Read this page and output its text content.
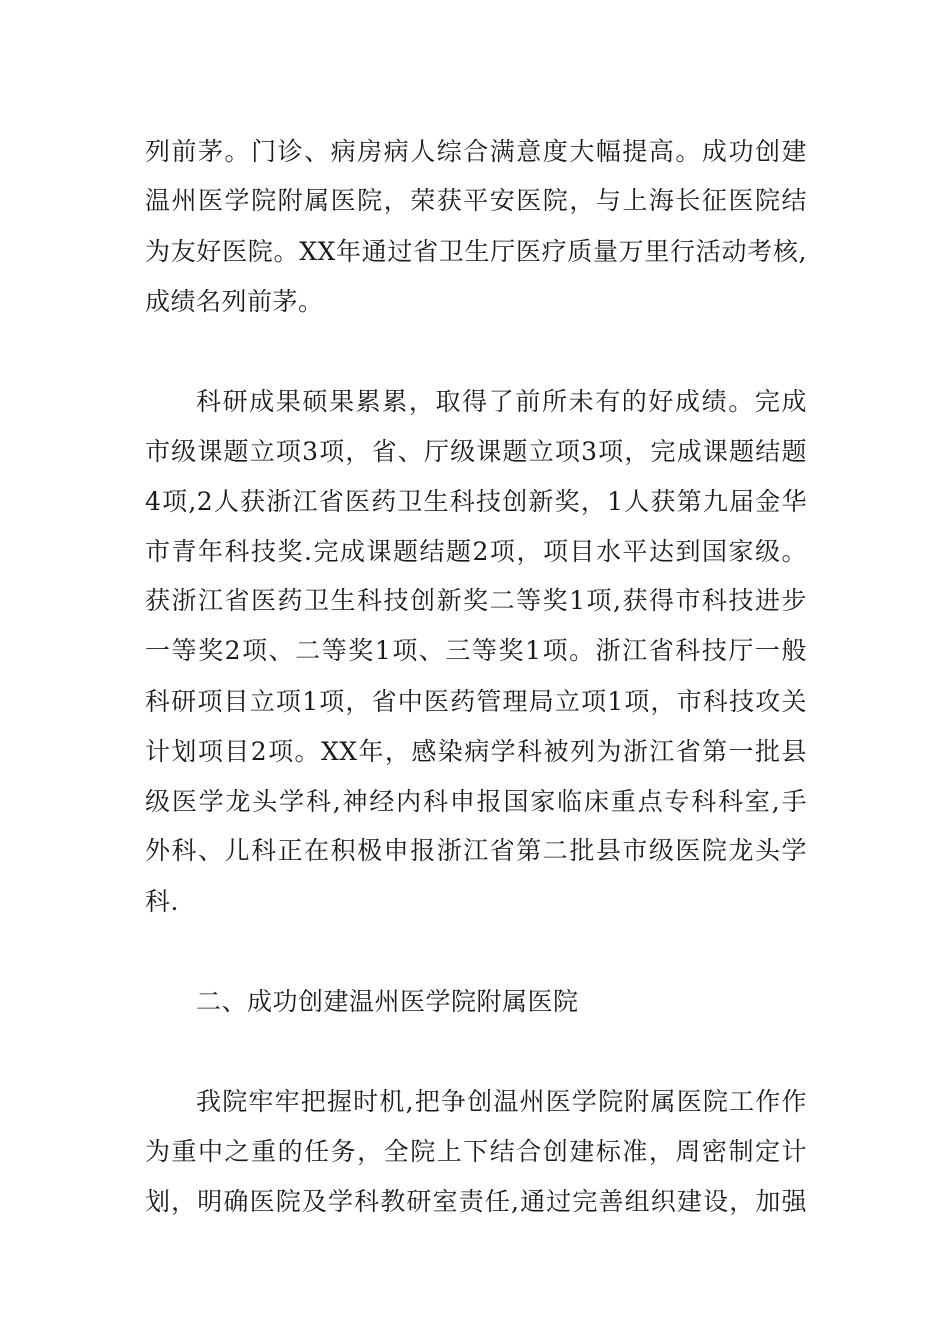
列前茅。门诊、病房病人综合满意度大幅提高。成功创建
温州医学院附属医院，荣获平安医院，与上海长征医院结
为友好医院。XX年通过省卫生厅医疗质量万里行活动考核,
成绩名列前茅。
科研成果硕果累累，取得了前所未有的好成绩。完成
市级课题立项3项，省、厅级课题立项3项，完成课题结题
4项,2人获浙江省医药卫生科技创新奖，1人获第九届金华
市青年科技奖.完成课题结题2项，项目水平达到国家级。
获浙江省医药卫生科技创新奖二等奖1项,获得市科技进步
一等奖2项、二等奖1项、三等奖1项。浙江省科技厅一般
科研项目立项1项，省中医药管理局立项1项，市科技攻关
计划项目2项。XX年，感染病学科被列为浙江省第一批县
级医学龙头学科,神经内科申报国家临床重点专科科室,手
外科、儿科正在积极申报浙江省第二批县市级医院龙头学
科.
二、成功创建温州医学院附属医院
我院牢牢把握时机,把争创温州医学院附属医院工作作
为重中之重的任务，全院上下结合创建标准，周密制定计
划，明确医院及学科教研室责任,通过完善组织建设，加强
